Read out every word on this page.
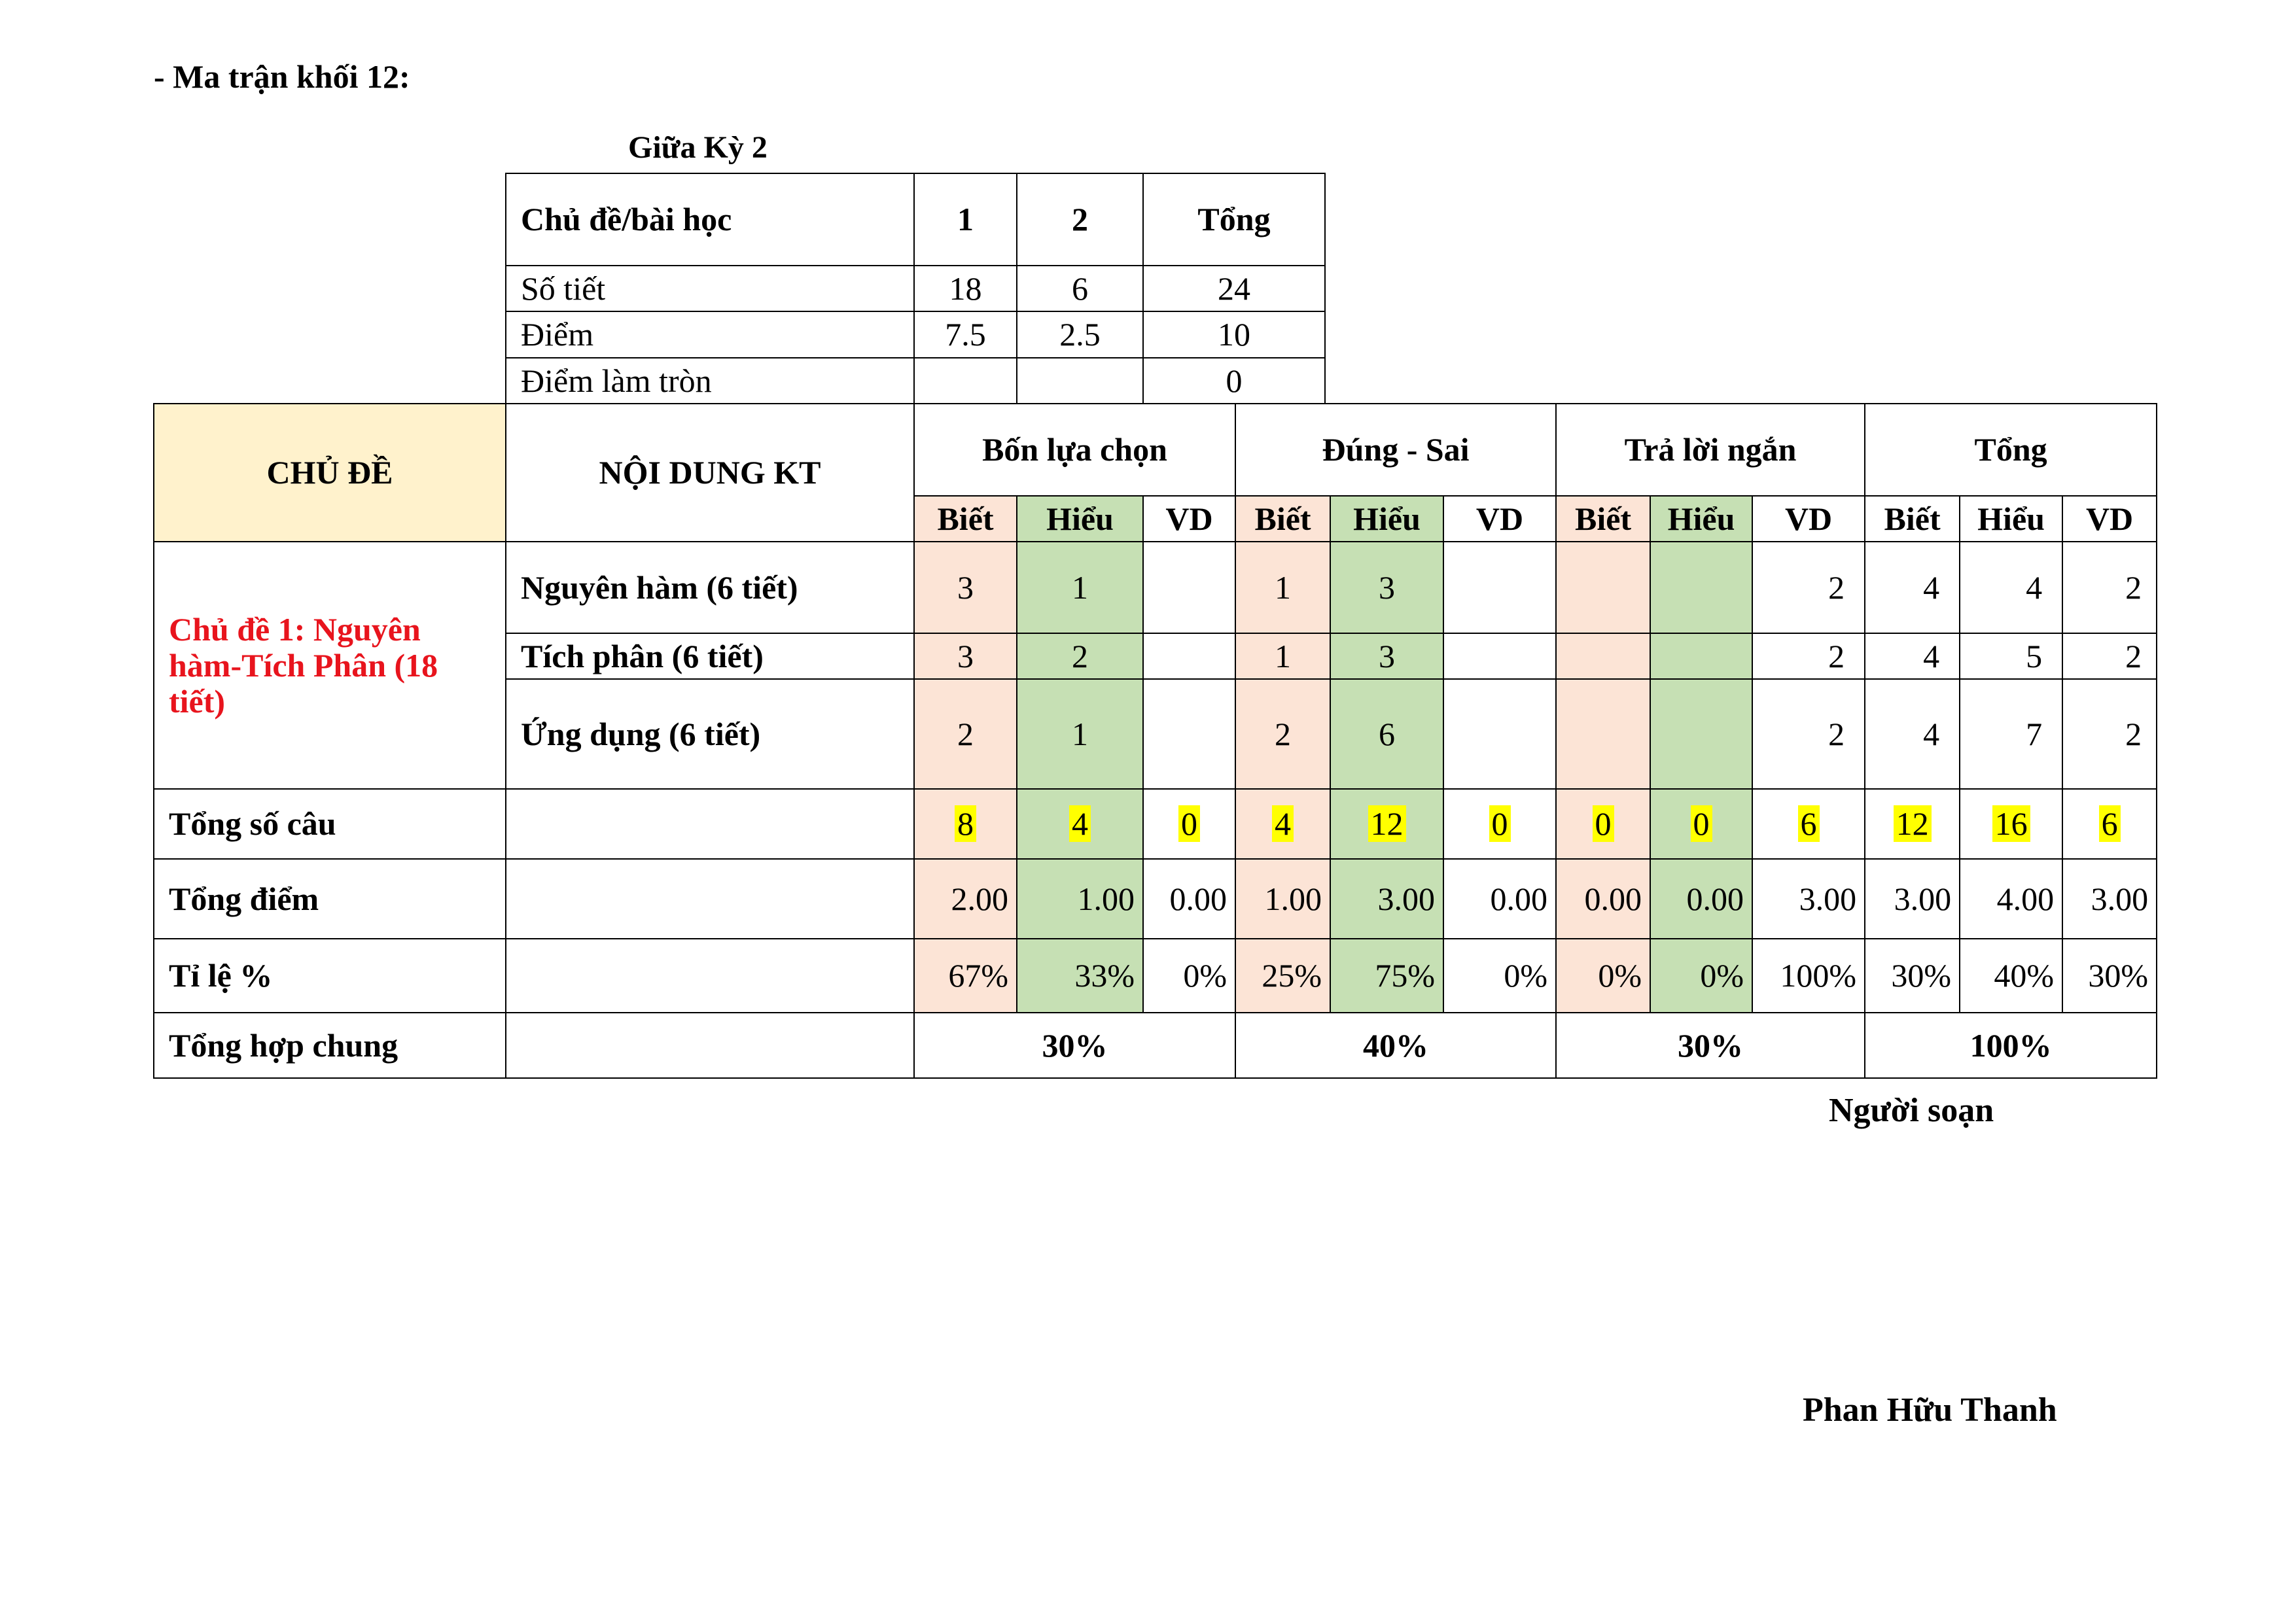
- Ma trận khối 12:
Giữa Kỳ 2
Chủ đề/bài học	1	2	Tổng
Số tiết	18	6	24
Điểm	7.5	2.5	10
Điểm làm tròn			0
CHỦ ĐỀ	NỘI DUNG KT	Bốn lựa chọn			Đúng - Sai			Trả lời ngắn			Tổng		
		Biết	Hiểu	VD	Biết	Hiểu	VD	Biết	Hiểu	VD	Biết	Hiểu	VD
Chủ đề 1: Nguyên hàm-Tích Phân (18 tiết)	Nguyên hàm (6 tiết)	3	1		1	3				2	4	4	2
	Tích phân (6 tiết)	3	2		1	3				2	4	5	2
	Ứng dụng (6 tiết)	2	1		2	6				2	4	7	2
Tổng số câu		8	4	0	4	12	0	0	0	6	12	16	6
Tổng điểm		2.00	1.00	0.00	1.00	3.00	0.00	0.00	0.00	3.00	3.00	4.00	3.00
Tỉ lệ %		67%	33%	0%	25%	75%	0%	0%	0%	100%	30%	40%	30%
Tổng hợp chung		30%			40%			30%			100%		
Người soạn
Phan Hữu Thanh
